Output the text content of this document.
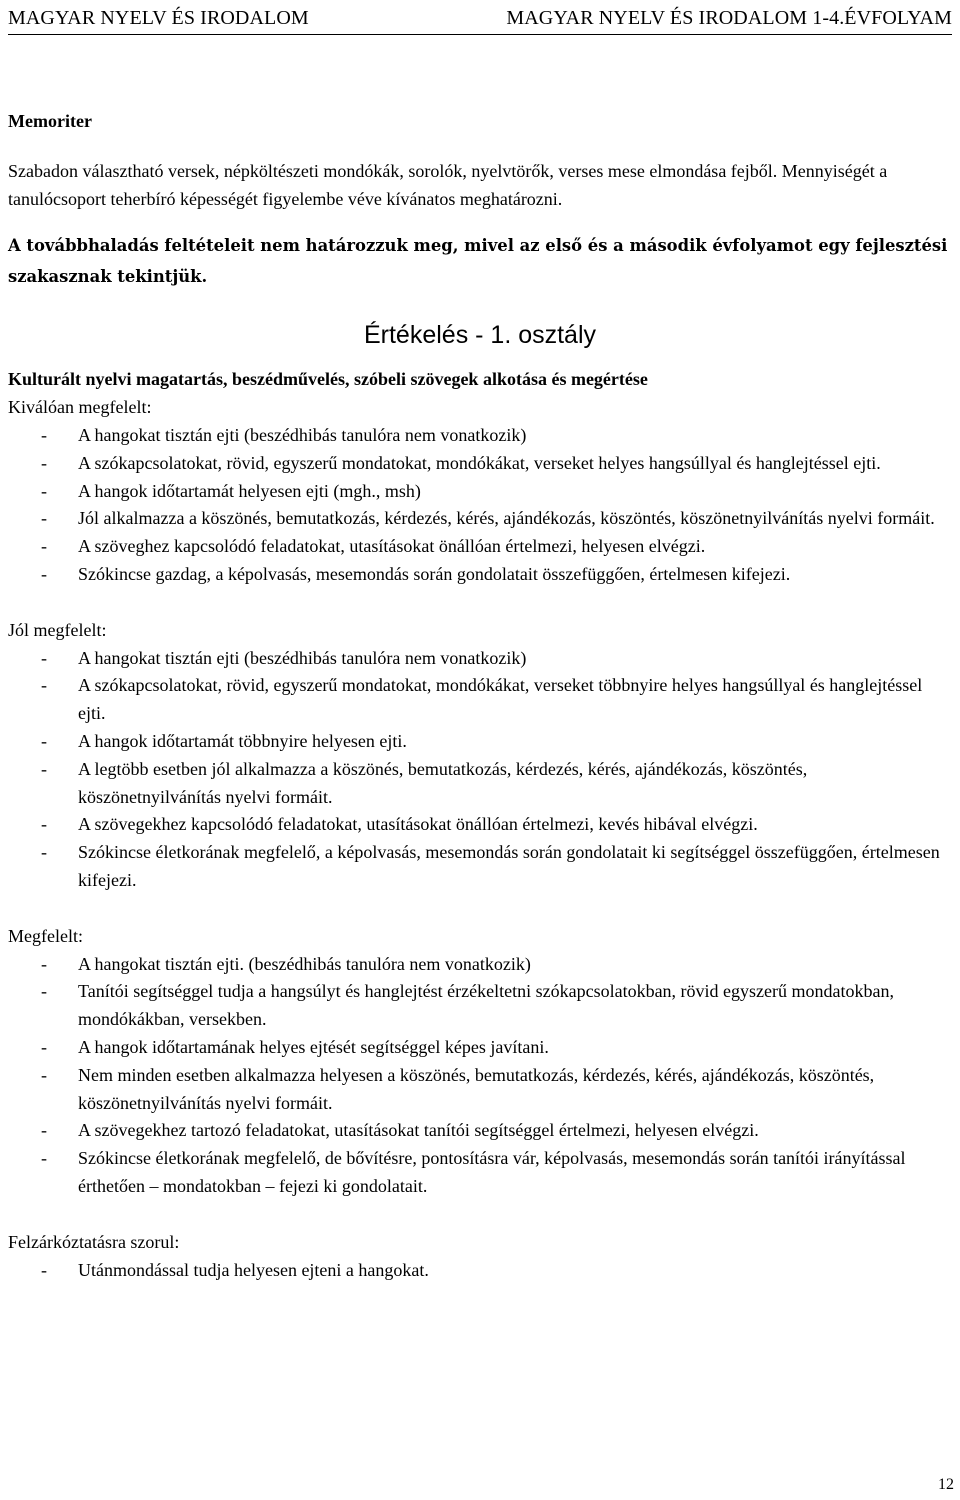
MAGYAR NYELV ÉS IRODALOM	MAGYAR NYELV ÉS IRODALOM 1-4.ÉVFOLYAM

Memoriter

Szabadon választható versek, népköltészeti mondókák, sorolók, nyelvtörők, verses mese elmondása fejből. Mennyiségét a tanulócsoport teherbíró képességét figyelembe véve kívánatos meghatározni.

A továbbhaladás feltételeit nem határozzuk meg, mivel az első és a második évfolyamot egy fejlesztési szakasznak tekintjük.

Értékelés - 1. osztály

Kulturált nyelvi magatartás, beszédművelés, szóbeli szövegek alkotása és megértése

Kiválóan megfelelt:

- A hangokat tisztán ejti (beszédhibás tanulóra nem vonatkozik)
- A szókapcsolatokat, rövid, egyszerű mondatokat, mondókákat, verseket helyes hangsúllyal és hanglejtéssel ejti.
- A hangok időtartamát helyesen ejti (mgh., msh)
- Jól alkalmazza a köszönés, bemutatkozás, kérdezés, kérés, ajándékozás, köszöntés, köszönetnyilvánítás nyelvi formáit.
- A szöveghez kapcsolódó feladatokat, utasításokat önállóan értelmezi, helyesen elvégzi.
- Szókincse gazdag, a képolvasás, mesemondás során gondolatait összefüggően, értelmesen kifejezi.

Jól megfelelt:

- A hangokat tisztán ejti (beszédhibás tanulóra nem vonatkozik)
- A szókapcsolatokat, rövid, egyszerű mondatokat, mondókákat, verseket többnyire helyes hangsúllyal és hanglejtéssel ejti.
- A hangok időtartamát többnyire helyesen ejti.
- A legtöbb esetben jól alkalmazza a köszönés, bemutatkozás, kérdezés, kérés, ajándékozás, köszöntés, köszönetnyilvánítás nyelvi formáit.
- A szövegekhez kapcsolódó feladatokat, utasításokat önállóan értelmezi, kevés hibával elvégzi.
- Szókincse életkorának megfelelő, a képolvasás, mesemondás során gondolatait ki segítséggel összefüggően, értelmesen kifejezi.

Megfelelt:

- A hangokat tisztán ejti. (beszédhibás tanulóra nem vonatkozik)
- Tanítói segítséggel tudja a hangsúlyt és hanglejtést érzékeltetni szókapcsolatokban, rövid egyszerű mondatokban, mondókákban, versekben.
- A hangok időtartamának helyes ejtését segítséggel képes javítani.
- Nem minden esetben alkalmazza helyesen a köszönés, bemutatkozás, kérdezés, kérés, ajándékozás, köszöntés, köszönetnyilvánítás nyelvi formáit.
- A szövegekhez tartozó feladatokat, utasításokat tanítói segítséggel értelmezi, helyesen elvégzi.
- Szókincse életkorának megfelelő, de bővítésre, pontosításra vár, képolvasás, mesemondás során tanítói irányítással érthetően – mondatokban – fejezi ki gondolatait.

Felzárkóztatásra szorul:

- Utánmondással tudja helyesen ejteni a hangokat.
12
